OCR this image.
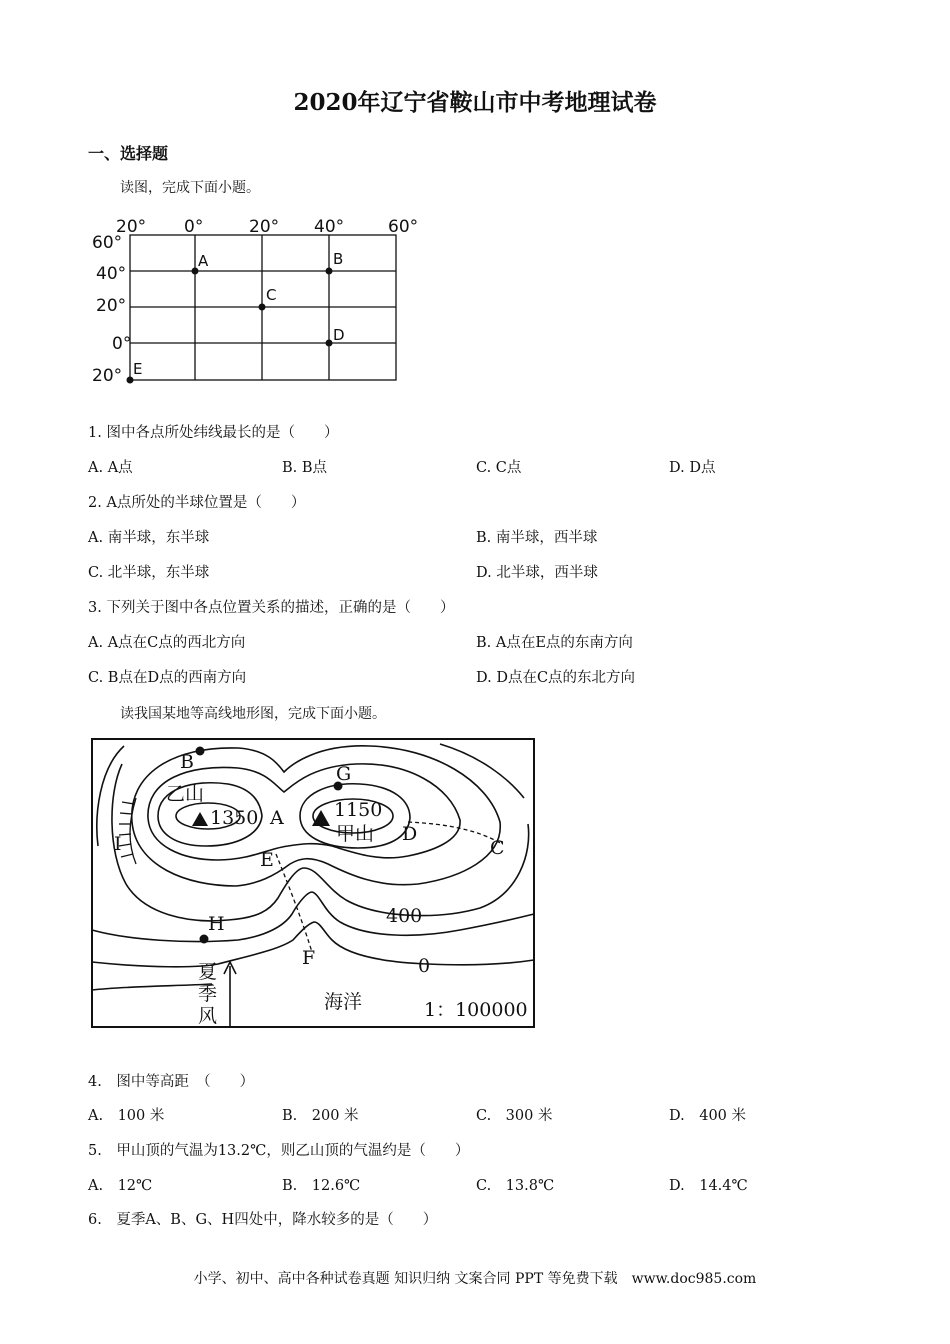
2020年辽宁省鞍山市中考地理试卷
一、选择题
读图，完成下面小题。
20° 0°	20° 40°	60°
60°
40°
20°
0°
20°
A	B
C
D
E
1. 图中各点所处纬线最长的是（　　）
A. A点	B. B点	C. C点	D. D点
2. A点所处的半球位置是（　　）
A. 南半球，东半球	B. 南半球，西半球
C. 北半球，东半球	D. 北半球，西半球
3. 下列关于图中各点位置关系的描述，正确的是（　　）
A. A点在C点的西北方向	B. A点在E点的东南方向
C. B点在D点的西南方向	D. D点在C点的东北方向
读我国某地等高线地形图，完成下面小题。
B
G
A
D
C
I
E
H
F
乙山
1350	1150
甲山
400
0
夏
季
风
海洋	1：100000
4.　图中等高距　（　　）
A.　100 米	B.　200 米	C.　300 米	D.　400 米
5.　甲山顶的气温为13.2℃，则乙山顶的气温约是（　　）
A.　12℃	B.　12.6℃	C.　13.8℃	D.　14.4℃
6.　夏季A、B、G、H四处中，降水较多的是（　　）
小学、初中、高中各种试卷真题 知识归纳 文案合同 PPT 等免费下载　www.doc985.com
